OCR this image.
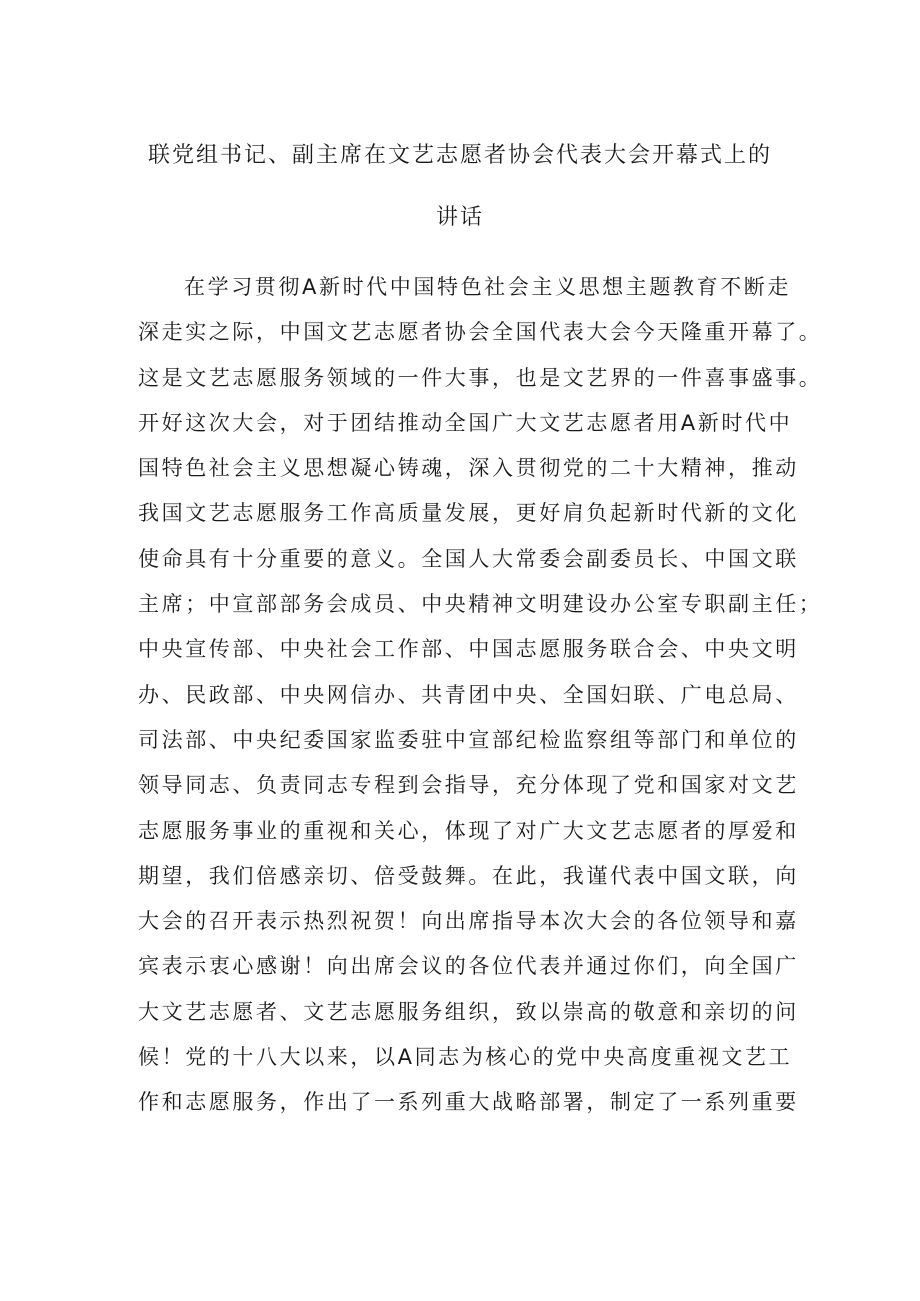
联党组书记、副主席在文艺志愿者协会代表大会开幕式上的
讲话
在学习贯彻A新时代中国特色社会主义思想主题教育不断走
深走实之际，中国文艺志愿者协会全国代表大会今天隆重开幕了。
这是文艺志愿服务领域的一件大事，也是文艺界的一件喜事盛事。
开好这次大会，对于团结推动全国广大文艺志愿者用A新时代中
国特色社会主义思想凝心铸魂，深入贯彻党的二十大精神，推动
我国文艺志愿服务工作高质量发展，更好肩负起新时代新的文化
使命具有十分重要的意义。全国人大常委会副委员长、中国文联
主席；中宣部部务会成员、中央精神文明建设办公室专职副主任；
中央宣传部、中央社会工作部、中国志愿服务联合会、中央文明
办、民政部、中央网信办、共青团中央、全国妇联、广电总局、
司法部、中央纪委国家监委驻中宣部纪检监察组等部门和单位的
领导同志、负责同志专程到会指导，充分体现了党和国家对文艺
志愿服务事业的重视和关心，体现了对广大文艺志愿者的厚爱和
期望，我们倍感亲切、倍受鼓舞。在此，我谨代表中国文联，向
大会的召开表示热烈祝贺！向出席指导本次大会的各位领导和嘉
宾表示衷心感谢！向出席会议的各位代表并通过你们，向全国广
大文艺志愿者、文艺志愿服务组织，致以崇高的敬意和亲切的问
候！党的十八大以来，以A同志为核心的党中央高度重视文艺工
作和志愿服务，作出了一系列重大战略部署，制定了一系列重要
